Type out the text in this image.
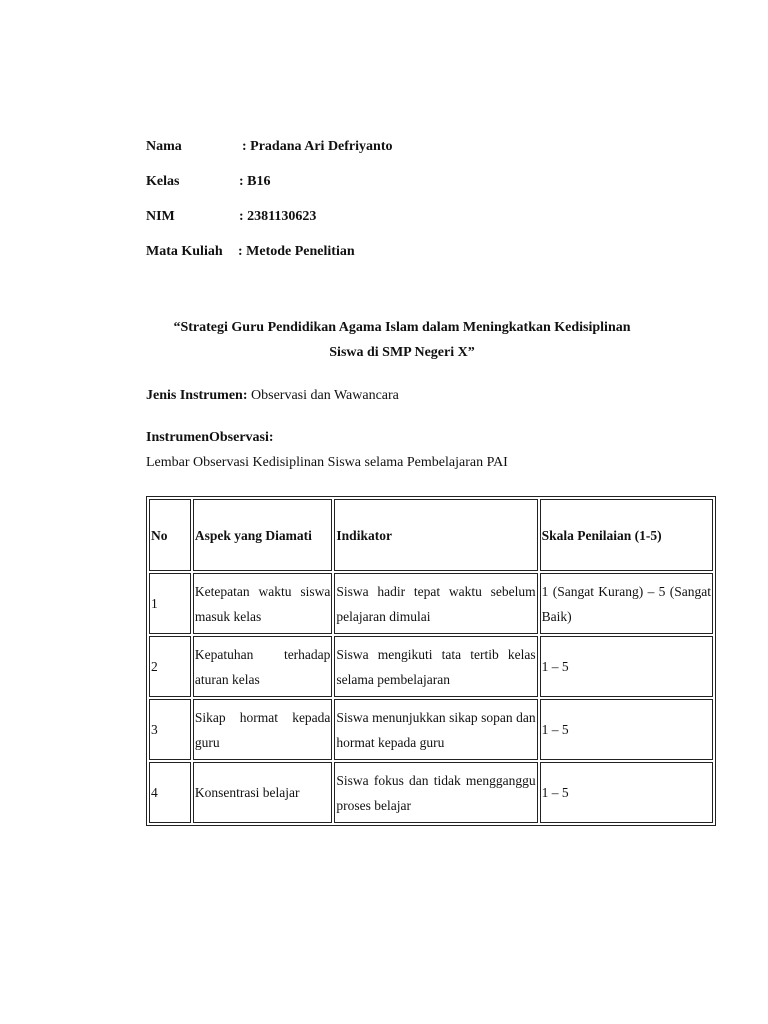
Nama	: Pradana Ari Defriyanto
Kelas	: B16
NIM	: 2381130623
Mata Kuliah : Metode Penelitian
“Strategi Guru Pendidikan Agama Islam dalam Meningkatkan Kedisiplinan
Siswa di SMP Negeri X”
Jenis Instrumen: Observasi dan Wawancara
InstrumenObservasi:
Lembar Observasi Kedisiplinan Siswa selama Pembelajaran PAI
No	Aspek yang Diamati	Indikator	Skala Penilaian (1-5)
1	Ketepatan waktu siswa masuk kelas	Siswa hadir tepat waktu sebelum pelajaran dimulai	1 (Sangat Kurang) – 5 (Sangat Baik)
2	Kepatuhan terhadap aturan kelas	Siswa mengikuti tata tertib kelas selama pembelajaran	1 – 5
3	Sikap hormat kepada guru	Siswa menunjukkan sikap sopan dan hormat kepada guru	1 – 5
4	Konsentrasi belajar	Siswa fokus dan tidak mengganggu proses belajar	1 – 5
